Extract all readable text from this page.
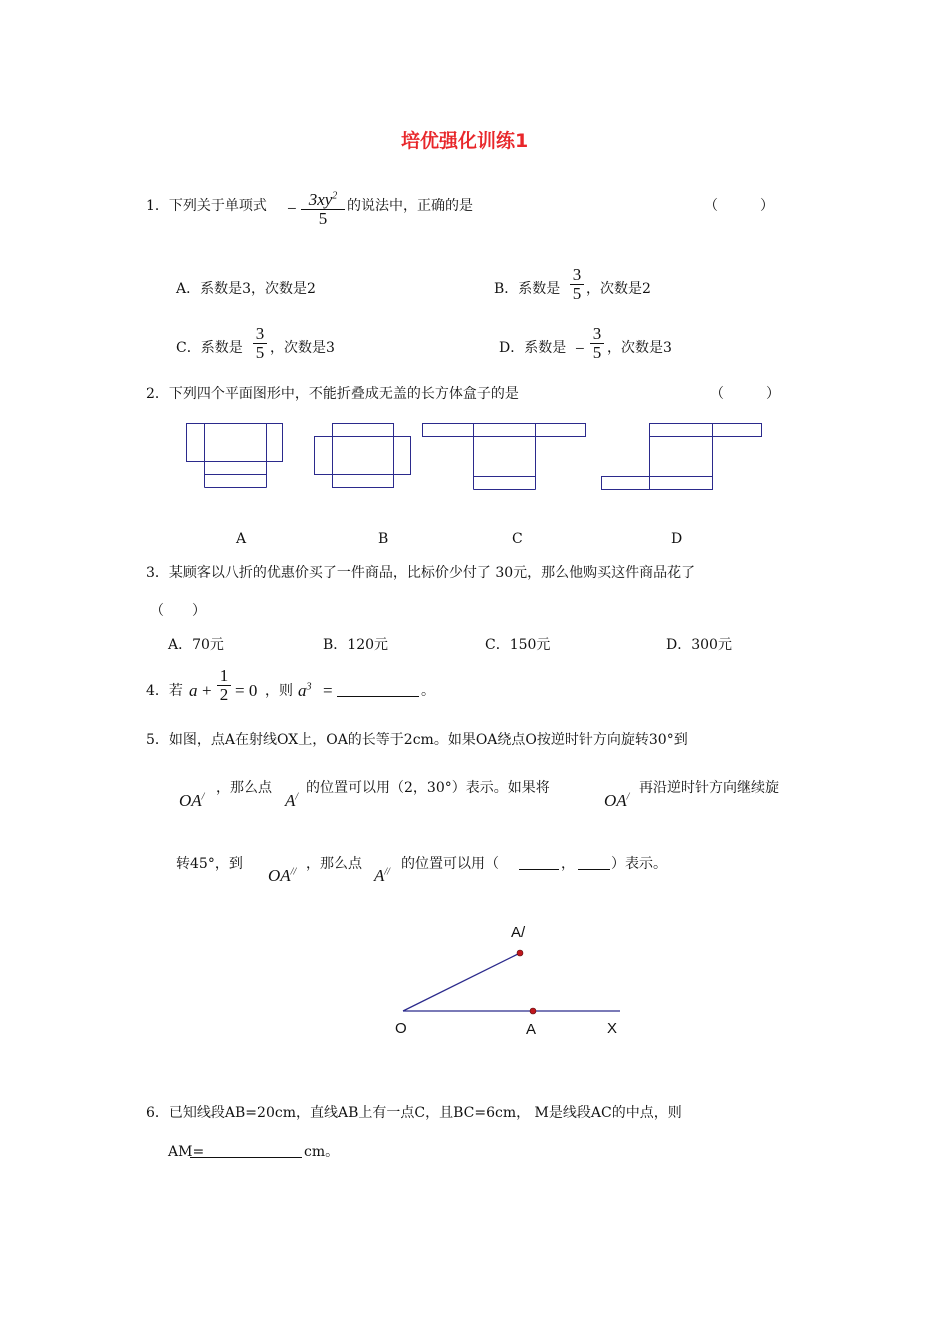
培优强化训练1
1．下列关于单项式 − $3xy^2$
5
的说法中，正确的是	（　　　）
A．系数是3，次数是2	B．系数是
3
5 ，次数是2
C．系数是
3
5 ，次数是3	D．系数是 −
3
5 ，次数是3
2．下列四个平面图形中，不能折叠成无盖的长方体盒子的是	（　　　）
A	B	C	D
3．某顾客以八折的优惠价买了一件商品，比标价少付了 30元，那么他购买这件商品花了
（　　）
A．70元	B．120元	C．150元	D．300元
4．若 a +
1
2 = 0 ，则 $a^3$ =	。
5．如图，点A在射线OX上，OA的长等于2cm。如果OA绕点O按逆时针方向旋转30°到
OA/
，那么点
A/
的位置可以用（2，30°）表示。如果将
OA/
再沿逆时针方向继续旋
转45°，到
OA// ，那么点
A// 的位置可以用（	，	）表示。
O	A	X
A/
6．已知线段AB=20cm，直线AB上有一点C，且BC=6cm， M是线段AC的中点，则
AM=	cm。
